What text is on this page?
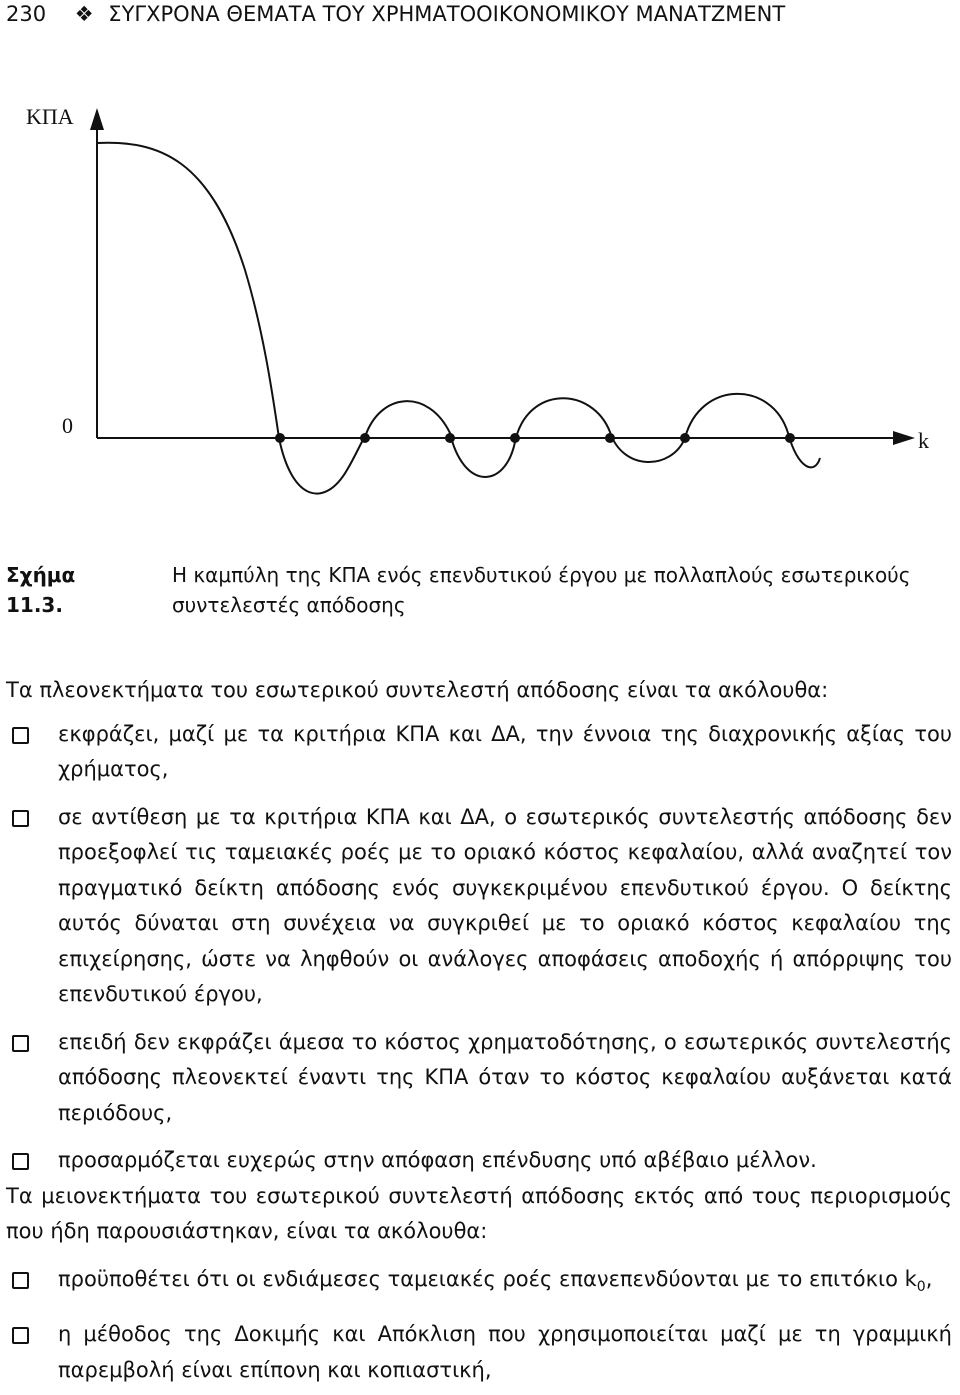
230 ❖ ΣΥΓΧΡΟΝΑ ΘΕΜΑΤΑ ΤΟΥ ΧΡΗΜΑΤΟΟΙΚΟΝΟΜΙΚΟΥ ΜΑΝΑΤΖΜΕΝΤ
ΚΠΑ
0
k
Σχήμα 11.3.
Η καμπύλη της ΚΠΑ ενός επενδυτικού έργου με πολλαπλούς εσωτερικούς συντελεστές απόδοσης

Τα πλεονεκτήματα του εσωτερικού συντελεστή απόδοσης είναι τα ακόλουθα:

εκφράζει, μαζί με τα κριτήρια ΚΠΑ και ΔΑ, την έννοια της διαχρονικής αξίας του χρήματος,
σε αντίθεση με τα κριτήρια ΚΠΑ και ΔΑ, ο εσωτερικός συντελεστής απόδοσης δεν προεξοφλεί τις ταμειακές ροές με το οριακό κόστος κεφαλαίου, αλλά αναζητεί τον πραγματικό δείκτη απόδοσης ενός συγκεκριμένου επενδυτικού έργου. Ο δείκτης αυτός δύναται στη συνέχεια να συγκριθεί με το οριακό κόστος κεφαλαίου της επιχείρησης, ώστε να ληφθούν οι ανάλογες αποφάσεις αποδοχής ή απόρριψης του επενδυτικού έργου,
επειδή δεν εκφράζει άμεσα το κόστος χρηματοδότησης, ο εσωτερικός συντελεστής απόδοσης πλεονεκτεί έναντι της ΚΠΑ όταν το κόστος κεφαλαίου αυξάνεται κατά περιόδους,
προσαρμόζεται ευχερώς στην απόφαση επένδυσης υπό αβέβαιο μέλλον.

Τα μειονεκτήματα του εσωτερικού συντελεστή απόδοσης εκτός από τους περιορισμούς που ήδη παρουσιάστηκαν, είναι τα ακόλουθα:

προϋποθέτει ότι οι ενδιάμεσες ταμειακές ροές επανεπενδύονται με το επιτόκιο $k_0$,
η μέθοδος της Δοκιμής και Απόκλιση που χρησιμοποιείται μαζί με τη γραμμική παρεμβολή είναι επίπονη και κοπιαστική,
